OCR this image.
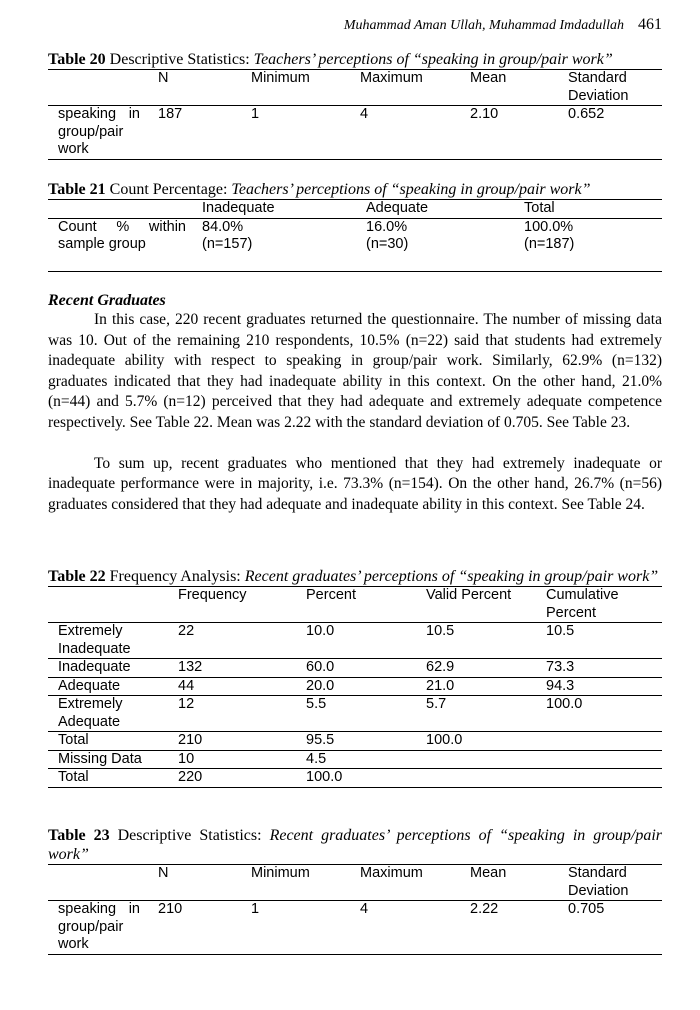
Muhammad Aman Ullah, Muhammad Imdadullah 461
Table 20 Descriptive Statistics: Teachers’ perceptions of “speaking in group/pair work”
	N	Minimum	Maximum	Mean	Standard Deviation
speaking in group/pair work	187	1	4	2.10	0.652
Table 21 Count Percentage: Teachers’ perceptions of “speaking in group/pair work”
	Inadequate	Adequate	Total
Count % within sample group	84.0% (n=157)	16.0% (n=30)	100.0% (n=187)
Recent Graduates

In this case, 220 recent graduates returned the questionnaire. The number of missing data was 10. Out of the remaining 210 respondents, 10.5% (n=22) said that students had extremely inadequate ability with respect to speaking in group/pair work. Similarly, 62.9% (n=132) graduates indicated that they had inadequate ability in this context. On the other hand, 21.0% (n=44) and 5.7% (n=12) perceived that they had adequate and extremely adequate competence respectively. See Table 22. Mean was 2.22 with the standard deviation of 0.705. See Table 23.

To sum up, recent graduates who mentioned that they had extremely inadequate or inadequate performance were in majority, i.e. 73.3% (n=154). On the other hand, 26.7% (n=56) graduates considered that they had adequate and inadequate ability in this context. See Table 24.

Table 22 Frequency Analysis: Recent graduates’ perceptions of “speaking in group/pair work”
	Frequency	Percent	Valid Percent	Cumulative Percent
Extremely Inadequate	22	10.0	10.5	10.5
Inadequate	132	60.0	62.9	73.3
Adequate	44	20.0	21.0	94.3
Extremely Adequate	12	5.5	5.7	100.0
Total	210	95.5	100.0	
Missing Data	10	4.5		
Total	220	100.0		
Table 23 Descriptive Statistics: Recent graduates’ perceptions of “speaking in group/pair work”
	N	Minimum	Maximum	Mean	Standard Deviation
speaking in group/pair work	210	1	4	2.22	0.705
